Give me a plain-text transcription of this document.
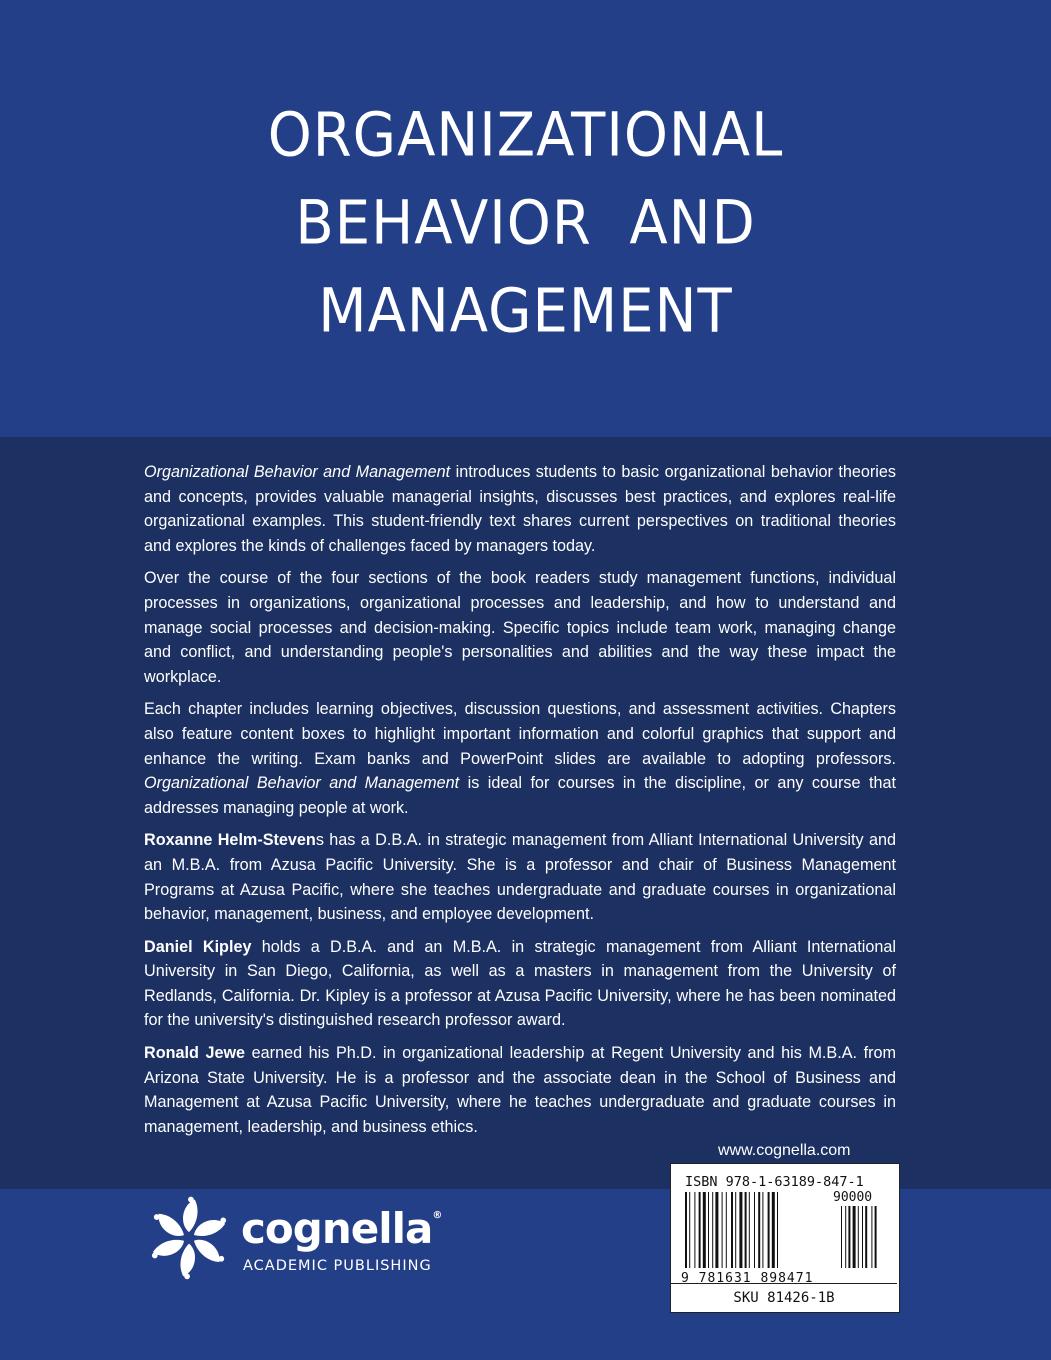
ORGANIZATIONAL
BEHAVIOR  AND
MANAGEMENT

Organizational Behavior and Management introduces students to basic organizational behavior theories and concepts, provides valuable managerial insights, discusses best practices, and explores real-life organizational examples. This student-friendly text shares current perspectives on traditional theories and explores the kinds of challenges faced by managers today.

Over the course of the four sections of the book readers study management functions, individual processes in organizations, organizational processes and leadership, and how to understand and manage social processes and decision-making. Specific topics include team work, managing change and conflict, and understanding people's personalities and abilities and the way these impact the workplace.

Each chapter includes learning objectives, discussion questions, and assessment activities. Chapters also feature content boxes to highlight important information and colorful graphics that support and enhance the writing. Exam banks and PowerPoint slides are available to adopting professors. Organizational Behavior and Management is ideal for courses in the discipline, or any course that addresses managing people at work.

Roxanne Helm-Stevens has a D.B.A. in strategic management from Alliant International University and an M.B.A. from Azusa Pacific University. She is a professor and chair of Business Management Programs at Azusa Pacific, where she teaches undergraduate and graduate courses in organizational behavior, management, business, and employee development.

Daniel Kipley holds a D.B.A. and an M.B.A. in strategic management from Alliant International University in San Diego, California, as well as a masters in management from the University of Redlands, California. Dr. Kipley is a professor at Azusa Pacific University, where he has been nominated for the university's distinguished research professor award.

Ronald Jewe earned his Ph.D. in organizational leadership at Regent University and his M.B.A. from Arizona State University. He is a professor and the associate dean in the School of Business and Management at Azusa Pacific University, where he teaches undergraduate and graduate courses in management, leadership, and business ethics.

www.cognella.com
cognella®
ACADEMIC PUBLISHING
ISBN 978-1-63189-847-1
90000
9 781631 898471
SKU 81426-1B
